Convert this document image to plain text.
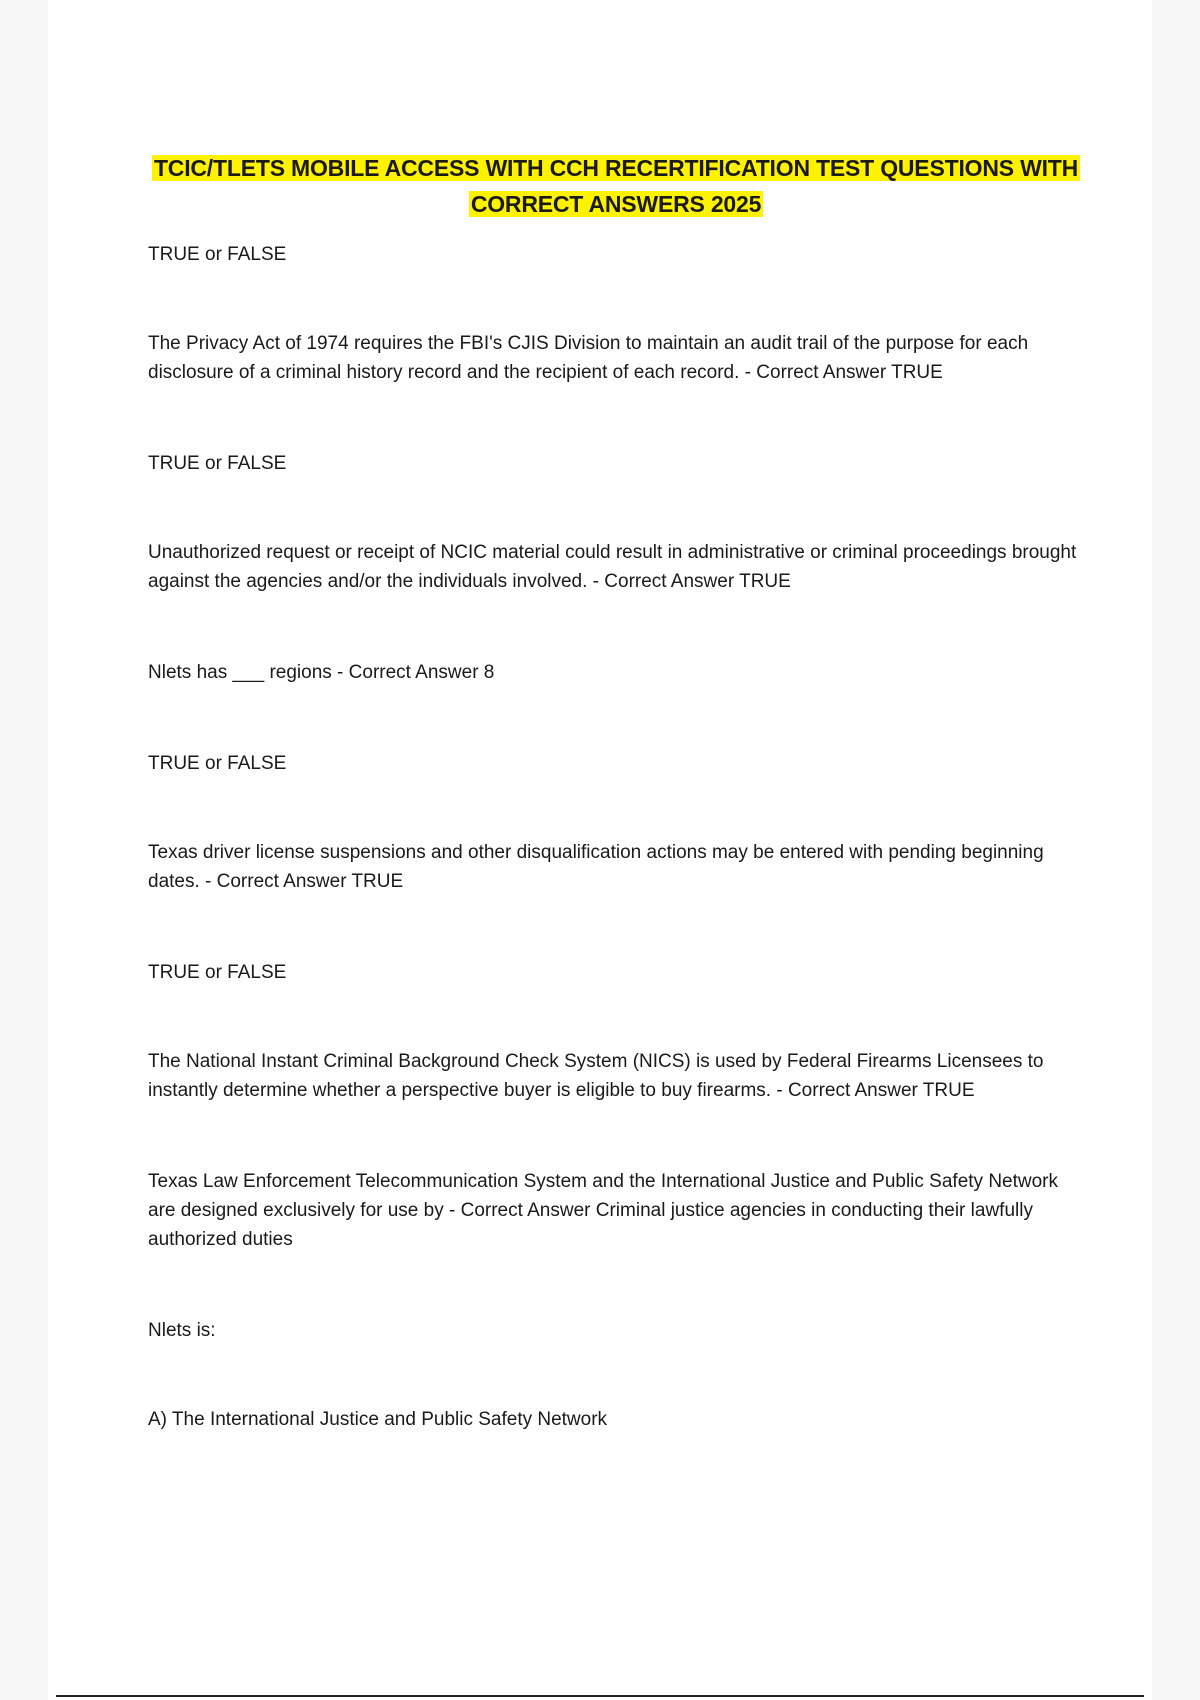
TCIC/TLETS MOBILE ACCESS WITH CCH RECERTIFICATION TEST QUESTIONS WITH
CORRECT ANSWERS 2025

TRUE or FALSE

The Privacy Act of 1974 requires the FBI's CJIS Division to maintain an audit trail of the purpose for each disclosure of a criminal history record and the recipient of each record. - Correct Answer TRUE

TRUE or FALSE

Unauthorized request or receipt of NCIC material could result in administrative or criminal proceedings brought against the agencies and/or the individuals involved. - Correct Answer TRUE

Nlets has ___ regions - Correct Answer 8

TRUE or FALSE

Texas driver license suspensions and other disqualification actions may be entered with pending beginning dates. - Correct Answer TRUE

TRUE or FALSE

The National Instant Criminal Background Check System (NICS) is used by Federal Firearms Licensees to instantly determine whether a perspective buyer is eligible to buy firearms. - Correct Answer TRUE

Texas Law Enforcement Telecommunication System and the International Justice and Public Safety Network are designed exclusively for use by - Correct Answer Criminal justice agencies in conducting their lawfully authorized duties

Nlets is:

A) The International Justice and Public Safety Network
